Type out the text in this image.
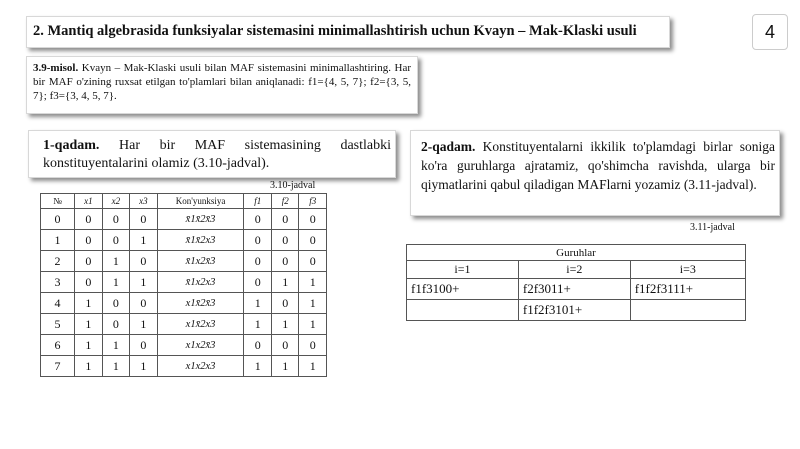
2. Mantiq algebrasida funksiyalar sistemasini minimallashtirish uchun Kvayn – Mak-Klaski usuli	4
3.9-misol. Kvayn – Mak-Klaski usuli bilan MAF sistemasini minimallashtiring. Har bir MAF o'zining ruxsat etilgan to'plamlari bilan aniqlanadi: f1={4, 5, 7}; f2={3, 5, 7}; f3={3, 4, 5, 7}.
1-qadam. Har bir MAF sistemasining dastlabki konstituyentalarini olamiz (3.10-jadval).
2-qadam. Konstituyentalarni ikkilik to'plamdagi birlar soniga ko'ra guruhlarga ajratamiz, qo'shimcha ravishda, ularga bir qiymatlarini qabul qiladigan MAFlarni yozamiz (3.11-jadval).
3.10-jadval
№	x1	x2	x3	Kon'yunksiya	f1	f2	f3
0	0	0	0	x̄1x̄2x̄3	0	0	0
1	0	0	1	x̄1x̄2x3	0	0	0
2	0	1	0	x̄1x2x̄3	0	0	0
3	0	1	1	x̄1x2x3	0	1	1
4	1	0	0	x1x̄2x̄3	1	0	1
5	1	0	1	x1x̄2x3	1	1	1
6	1	1	0	x1x2x̄3	0	0	0
7	1	1	1	x1x2x3	1	1	1
3.11-jadval
Guruhlar		
i=1	i=2	i=3
f1f3100+	f2f3011+	f1f2f3111+
	f1f2f3101+	
